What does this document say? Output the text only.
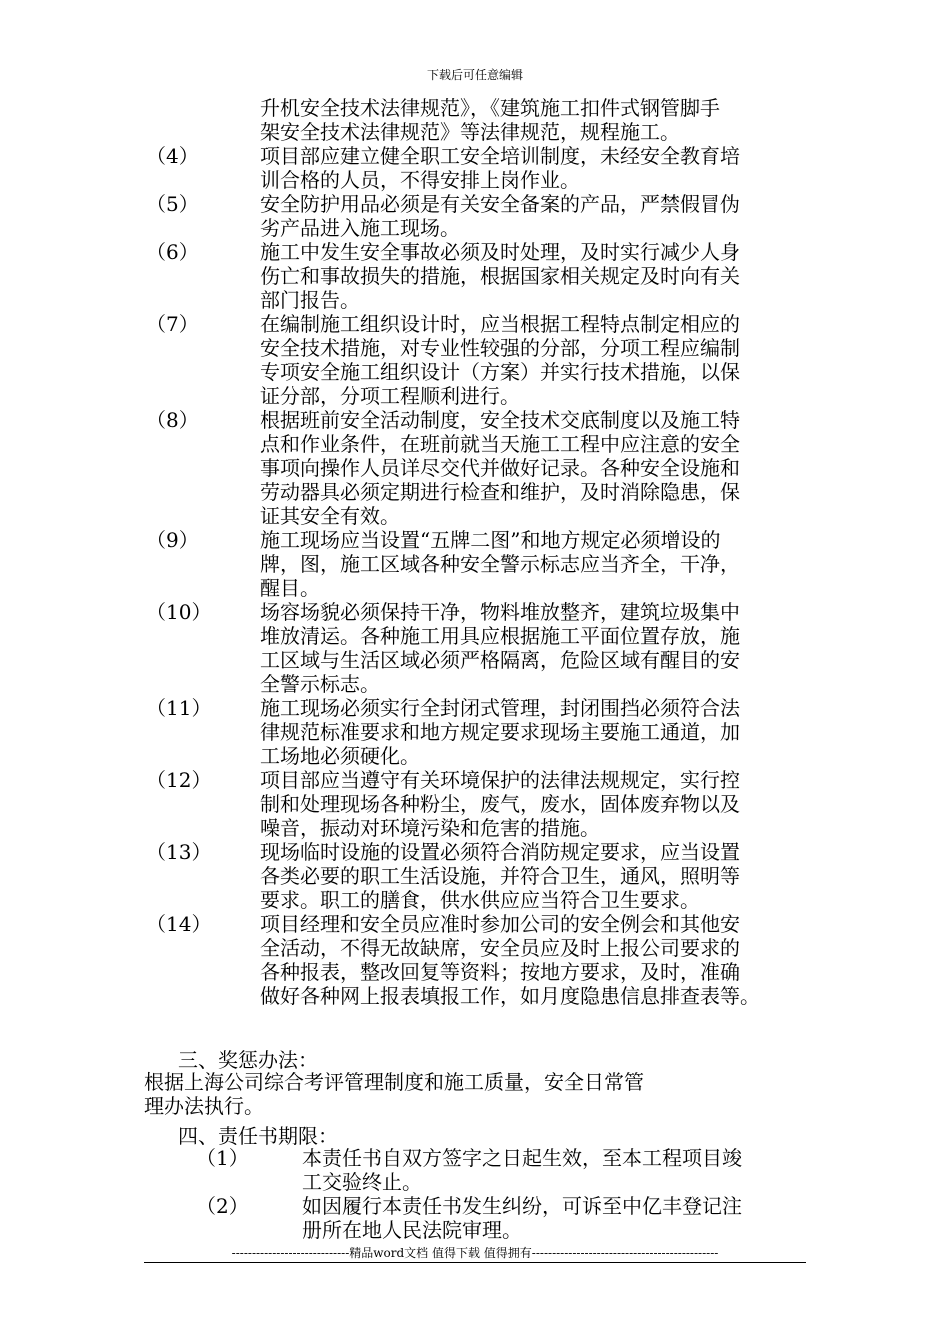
下载后可任意编辑
升机安全技术法律规范》，《建筑施工扣件式钢管脚手
架安全技术法律规范》等法律规范，规程施工。
（4）	项目部应建立健全职工安全培训制度，未经安全教育培
训合格的人员，不得安排上岗作业。
（5）	安全防护用品必须是有关安全备案的产品，严禁假冒伪
劣产品进入施工现场。
（6）	施工中发生安全事故必须及时处理，及时实行减少人身
伤亡和事故损失的措施，根据国家相关规定及时向有关
部门报告。
（7）	在编制施工组织设计时，应当根据工程特点制定相应的
安全技术措施，对专业性较强的分部，分项工程应编制
专项安全施工组织设计（方案）并实行技术措施，以保
证分部，分项工程顺利进行。
（8）	根据班前安全活动制度，安全技术交底制度以及施工特
点和作业条件，在班前就当天施工工程中应注意的安全
事项向操作人员详尽交代并做好记录。各种安全设施和
劳动器具必须定期进行检查和维护，及时消除隐患，保
证其安全有效。
（9）	施工现场应当设置“五牌二图”和地方规定必须增设的
牌，图，施工区域各种安全警示标志应当齐全，干净，
醒目。
（10） 场容场貌必须保持干净，物料堆放整齐，建筑垃圾集中
堆放清运。各种施工用具应根据施工平面位置存放，施
工区域与生活区域必须严格隔离，危险区域有醒目的安
全警示标志。
（11） 施工现场必须实行全封闭式管理，封闭围挡必须符合法
律规范标准要求和地方规定要求现场主要施工通道，加
工场地必须硬化。
（12） 项目部应当遵守有关环境保护的法律法规规定，实行控
制和处理现场各种粉尘，废气，废水，固体废弃物以及
噪音，振动对环境污染和危害的措施。
（13） 现场临时设施的设置必须符合消防规定要求，应当设置
各类必要的职工生活设施，并符合卫生，通风，照明等
要求。职工的膳食，供水供应应当符合卫生要求。
（14） 项目经理和安全员应准时参加公司的安全例会和其他安
全活动，不得无故缺席，安全员应及时上报公司要求的
各种报表，整改回复等资料；按地方要求，及时，准确
做好各种网上报表填报工作，如月度隐患信息排查表等。
三、奖惩办法：
根据上海公司综合考评管理制度和施工质量，安全日常管
理办法执行。
四、责任书期限：
（1）	本责任书自双方签字之日起生效，至本工程项目竣
工交验终止。
（2）	如因履行本责任书发生纠纷，可诉至中亿丰登记注
册所在地人民法院审理。
-----------------------------精品word文档 值得下载 值得拥有----------------------------------------------
